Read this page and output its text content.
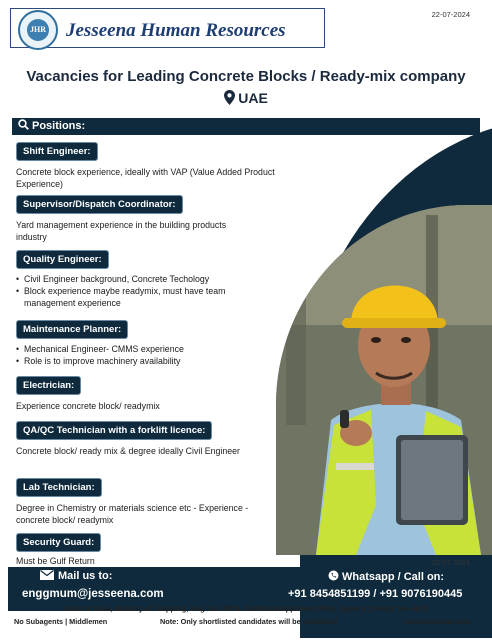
JHR Jesseena Human Resources
22-07-2024
Vacancies for Leading Concrete Blocks / Ready-mix company
UAE
Positions:
Shift Engineer:
Concrete block experience, ideally with VAP (Value Added Product Experience)
Supervisor/Dispatch Coordinator:
Yard management experience in the building products industry
Quality Engineer:
• Civil Engineer background, Concrete Techology
• Block experience maybe readymix, must have team management experience
Maintenance Planner:
• Mechanical Engineer- CMMS experience
• Role is to improve machinery availability
Electrician:
Experience concrete block/ readymix
QA/QC Technician with a forklift licence:
Concrete block/ ready mix & degree ideally Civil Engineer
Lab Technician:
Degree in Chemistry or materials science etc - Experience - concrete block/ readymix
Security Guard:
Must be Gulf Return	22-07-2024
Mail us to:
enggmum@jesseena.com
Whatsapp / Call on:
+91 8454851199 / +91 9076190445
Govt of India, Ministry of Shipping, Reg. No. RPSL-MUM-006 Approved RPSL Agency | RA-ID: RA-4871
No Subagents | Middlemen	Note: Only shortlisted candidates will be contacted	www.jesseena.com
